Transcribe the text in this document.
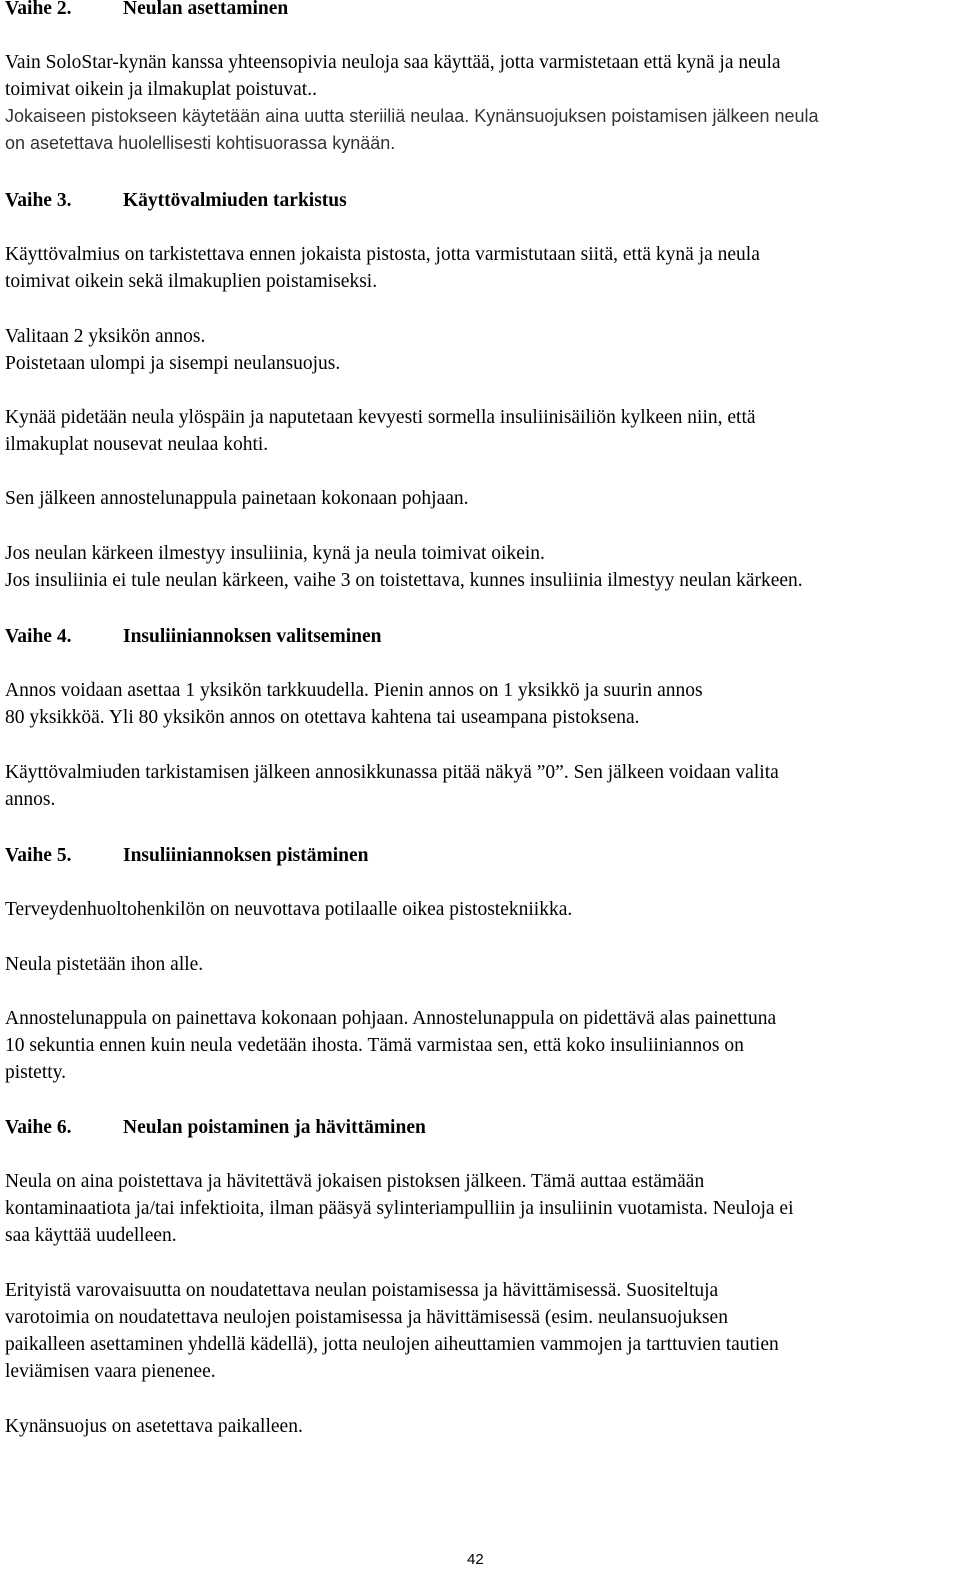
Vaihe 2.	Neulan asettaminen
Vain SoloStar-kynän kanssa yhteensopivia neuloja saa käyttää, jotta varmistetaan että kynä ja neula
toimivat oikein ja ilmakuplat poistuvat..
Jokaiseen pistokseen käytetään aina uutta steriiliä neulaa. Kynänsuojuksen poistamisen jälkeen neula
on asetettava huolellisesti kohtisuorassa kynään.
Vaihe 3.	Käyttövalmiuden tarkistus
Käyttövalmius on tarkistettava ennen jokaista pistosta, jotta varmistutaan siitä, että kynä ja neula
toimivat oikein sekä ilmakuplien poistamiseksi.
Valitaan 2 yksikön annos.
Poistetaan ulompi ja sisempi neulansuojus.
Kynää pidetään neula ylöspäin ja naputetaan kevyesti sormella insuliinisäiliön kylkeen niin, että
ilmakuplat nousevat neulaa kohti.
Sen jälkeen annostelunappula painetaan kokonaan pohjaan.
Jos neulan kärkeen ilmestyy insuliinia, kynä ja neula toimivat oikein.
Jos insuliinia ei tule neulan kärkeen, vaihe 3 on toistettava, kunnes insuliinia ilmestyy neulan kärkeen.
Vaihe 4.	Insuliiniannoksen valitseminen
Annos voidaan asettaa 1 yksikön tarkkuudella. Pienin annos on 1 yksikkö ja suurin annos
80 yksikköä. Yli 80 yksikön annos on otettava kahtena tai useampana pistoksena.
Käyttövalmiuden tarkistamisen jälkeen annosikkunassa pitää näkyä ”0”. Sen jälkeen voidaan valita
annos.
Vaihe 5.	Insuliiniannoksen pistäminen
Terveydenhuoltohenkilön on neuvottava potilaalle oikea pistostekniikka.
Neula pistetään ihon alle.
Annostelunappula on painettava kokonaan pohjaan. Annostelunappula on pidettävä alas painettuna
10 sekuntia ennen kuin neula vedetään ihosta. Tämä varmistaa sen, että koko insuliiniannos on
pistetty.
Vaihe 6.	Neulan poistaminen ja hävittäminen
Neula on aina poistettava ja hävitettävä jokaisen pistoksen jälkeen. Tämä auttaa estämään
kontaminaatiota ja/tai infektioita, ilman pääsyä sylinteriampulliin ja insuliinin vuotamista. Neuloja ei
saa käyttää uudelleen.
Erityistä varovaisuutta on noudatettava neulan poistamisessa ja hävittämisessä. Suositeltuja
varotoimia on noudatettava neulojen poistamisessa ja hävittämisessä (esim. neulansuojuksen
paikalleen asettaminen yhdellä kädellä), jotta neulojen aiheuttamien vammojen ja tarttuvien tautien
leviämisen vaara pienenee.
Kynänsuojus on asetettava paikalleen.
42
